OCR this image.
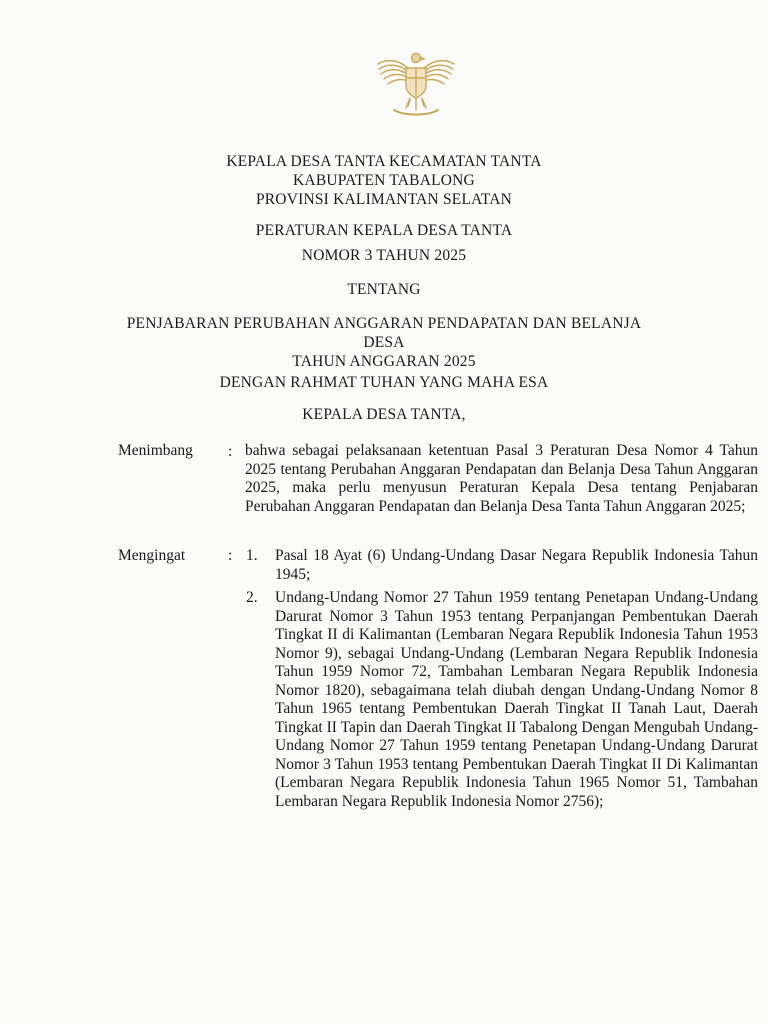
KEPALA DESA TANTA KECAMATAN TANTA
KABUPATEN TABALONG
PROVINSI KALIMANTAN SELATAN
PERATURAN KEPALA DESA TANTA
NOMOR 3 TAHUN 2025
TENTANG
PENJABARAN PERUBAHAN ANGGARAN PENDAPATAN DAN BELANJA
DESA
TAHUN ANGGARAN 2025
DENGAN RAHMAT TUHAN YANG MAHA ESA
KEPALA DESA TANTA,
Menimbang : bahwa sebagai pelaksanaan ketentuan Pasal 3 Peraturan Desa Nomor 4 Tahun 2025 tentang Perubahan Anggaran Pendapatan dan Belanja Desa Tahun Anggaran 2025, maka perlu menyusun Peraturan Kepala Desa tentang Penjabaran Perubahan Anggaran Pendapatan dan Belanja Desa Tanta Tahun Anggaran 2025;
Mengingat	: 1. Pasal 18 Ayat (6) Undang-Undang Dasar Negara Republik Indonesia Tahun 1945;
2. Undang-Undang Nomor 27 Tahun 1959 tentang Penetapan Undang-Undang Darurat Nomor 3 Tahun 1953 tentang Perpanjangan Pembentukan Daerah Tingkat II di Kalimantan (Lembaran Negara Republik Indonesia Tahun 1953 Nomor 9), sebagai Undang-Undang (Lembaran Negara Republik Indonesia Tahun 1959 Nomor 72, Tambahan Lembaran Negara Republik Indonesia Nomor 1820), sebagaimana telah diubah dengan Undang-Undang Nomor 8 Tahun 1965 tentang Pembentukan Daerah Tingkat II Tanah Laut, Daerah Tingkat II Tapin dan Daerah Tingkat II Tabalong Dengan Mengubah Undang-Undang Nomor 27 Tahun 1959 tentang Penetapan Undang-Undang Darurat Nomor 3 Tahun 1953 tentang Pembentukan Daerah Tingkat II Di Kalimantan (Lembaran Negara Republik Indonesia Tahun 1965 Nomor 51, Tambahan Lembaran Negara Republik Indonesia Nomor 2756);
